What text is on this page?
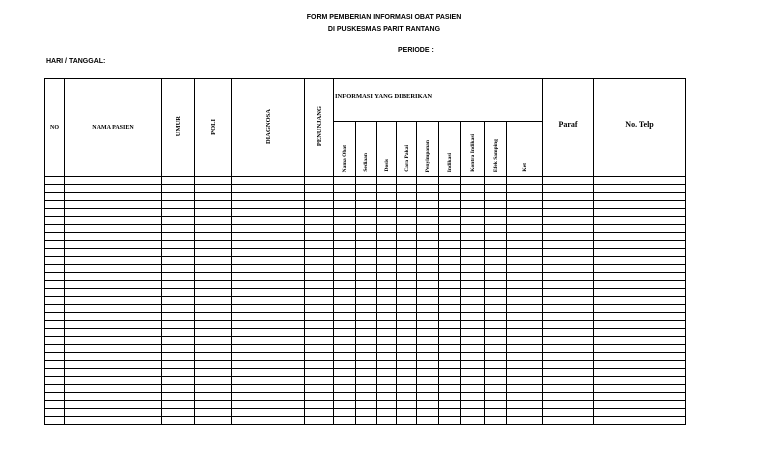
FORM PEMBERIAN INFORMASI OBAT PASIEN
DI PUSKESMAS PARIT RANTANG
PERIODE :
HARI / TANGGAL:
NO	NAMA PASIEN	UMUR	POLI	DIAGNOSA	PENUNJANG	INFORMASI YANG DIBERIKAN									Paraf	No. Telp
						Nama Obat	Sediaan	Dosis	Cara Pakai	Penyimpanan	Indikasi	Kontra Indikasi	Efek Samping	Ket		
